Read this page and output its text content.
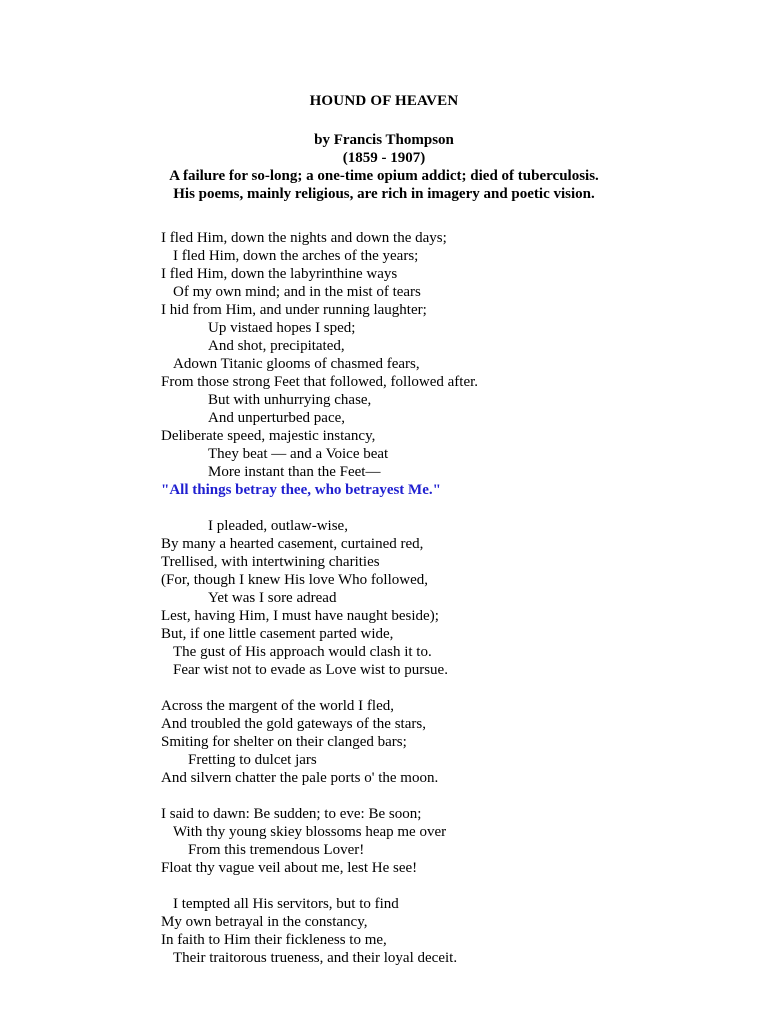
HOUND OF HEAVEN
by Francis Thompson
(1859 - 1907)
A failure for so-long; a one-time opium addict; died of tuberculosis.
His poems, mainly religious, are rich in imagery and poetic vision.
I fled Him, down the nights and down the days;
I fled Him, down the arches of the years;
I fled Him, down the labyrinthine ways
Of my own mind; and in the mist of tears
I hid from Him, and under running laughter;
Up vistaed hopes I sped;
And shot, precipitated,
Adown Titanic glooms of chasmed fears,
From those strong Feet that followed, followed after.
But with unhurrying chase,
And unperturbed pace,
Deliberate speed, majestic instancy,
They beat — and a Voice beat
More instant than the Feet—
"All things betray thee, who betrayest Me."
I pleaded, outlaw-wise,
By many a hearted casement, curtained red,
Trellised, with intertwining charities
(For, though I knew His love Who followed,
Yet was I sore adread
Lest, having Him, I must have naught beside);
But, if one little casement parted wide,
The gust of His approach would clash it to.
Fear wist not to evade as Love wist to pursue.
Across the margent of the world I fled,
And troubled the gold gateways of the stars,
Smiting for shelter on their clanged bars;
Fretting to dulcet jars
And silvern chatter the pale ports o' the moon.
I said to dawn: Be sudden; to eve: Be soon;
With thy young skiey blossoms heap me over
From this tremendous Lover!
Float thy vague veil about me, lest He see!
I tempted all His servitors, but to find
My own betrayal in the constancy,
In faith to Him their fickleness to me,
Their traitorous trueness, and their loyal deceit.
